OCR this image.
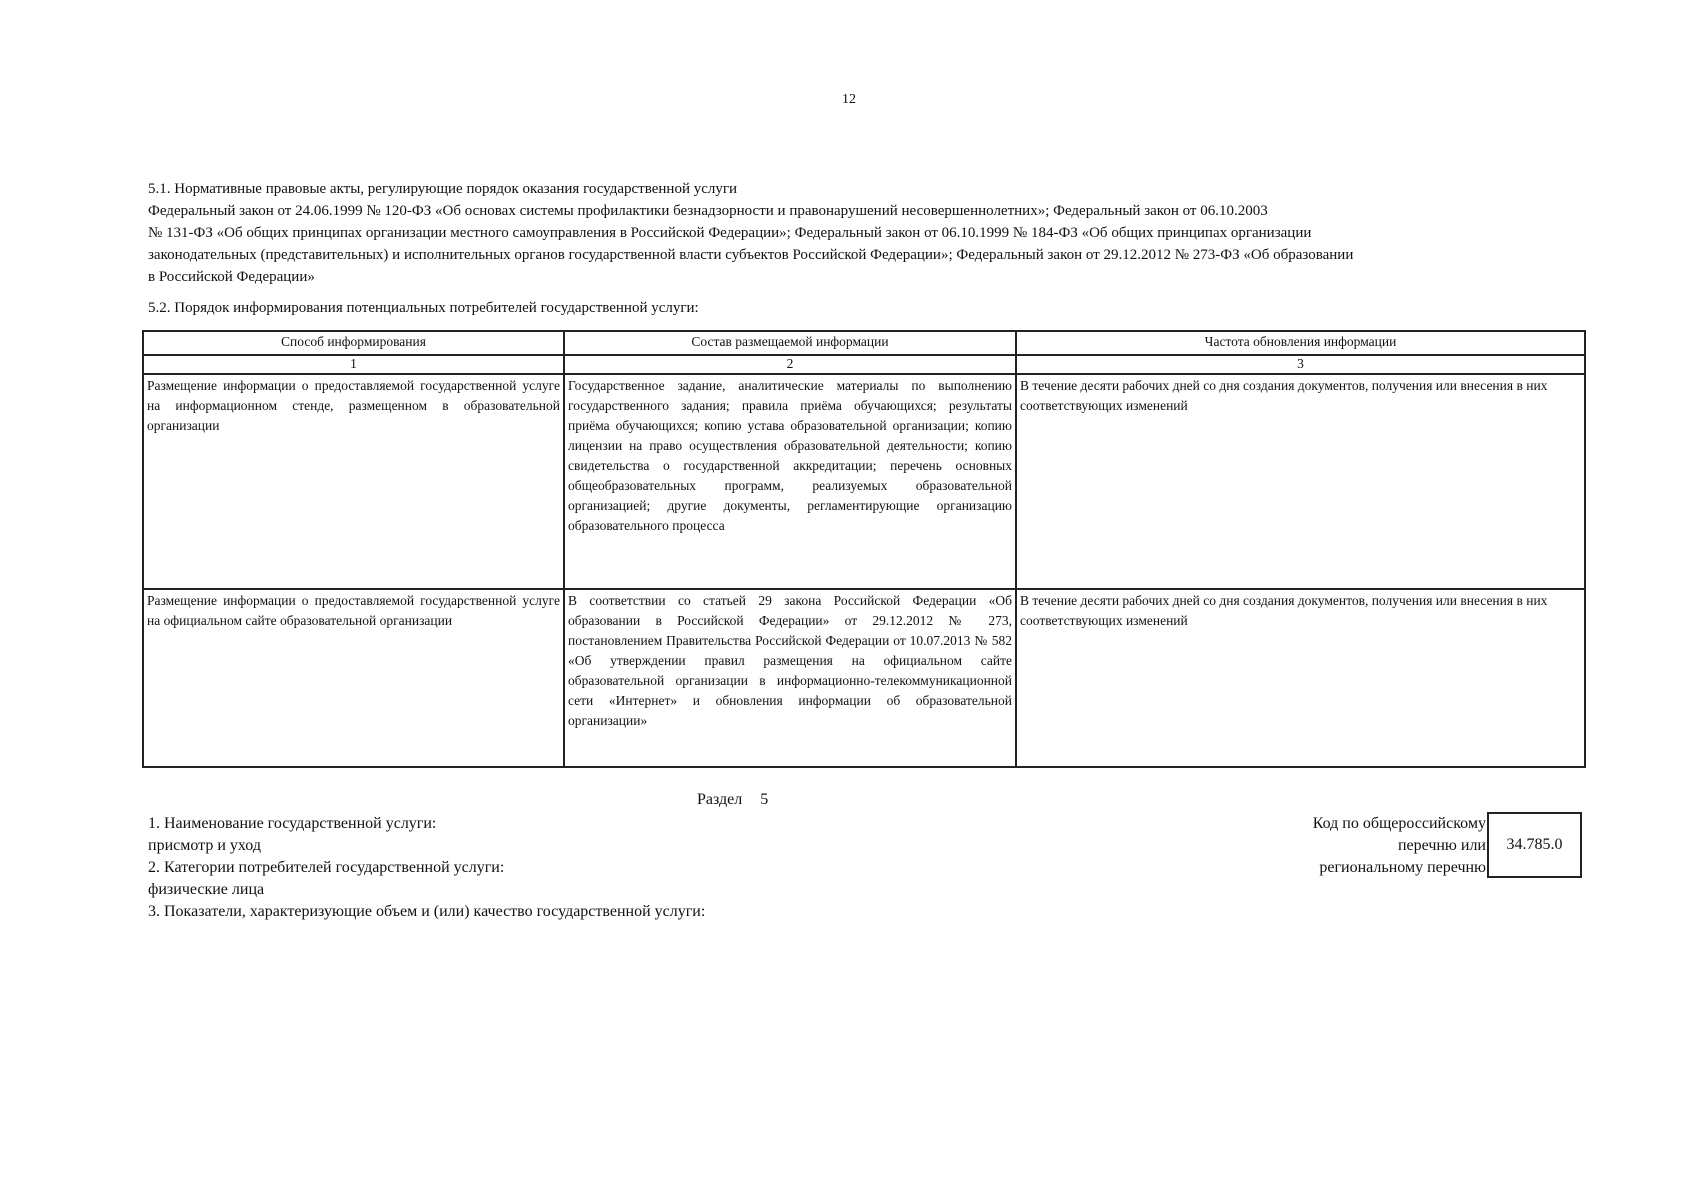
12

5.1. Нормативные правовые акты, регулирующие порядок оказания государственной услуги

Федеральный закон от 24.06.1999 № 120-ФЗ «Об основах системы профилактики безнадзорности и правонарушений несовершеннолетних»; Федеральный закон от 06.10.2003

№ 131-ФЗ «Об общих принципах организации местного самоуправления в Российской Федерации»; Федеральный закон от 06.10.1999 № 184-ФЗ «Об общих принципах организации

законодательных (представительных) и исполнительных органов государственной власти субъектов Российской Федерации»; Федеральный закон от 29.12.2012 № 273-ФЗ «Об образовании

в Российской Федерации»

5.2. Порядок информирования потенциальных потребителей государственной услуги:
Способ информирования	Состав размещаемой информации	Частота обновления информации
1	2	3
Размещение информации о предоставляемой государственной услуге на информационном стенде, размещенном в образовательной организации	Государственное задание, аналитические материалы по выполнению государственного задания; правила приёма обучающихся; результаты приёма обучающихся; копию устава образовательной организации; копию лицензии на право осуществления образовательной деятельности; копию свидетельства о государственной аккредитации; перечень основных общеобразовательных программ, реализуемых образовательной организацией; другие документы, регламентирующие организацию образовательного процесса	В течение десяти рабочих дней со дня создания документов, получения или внесения в них соответствующих изменений
Размещение информации о предоставляемой государственной услуге на официальном сайте образовательной организации	В соответствии со статьей 29 закона Российской Федерации «Об образовании в Российской Федерации» от 29.12.2012 № 273, постановлением Правительства Российской Федерации от 10.07.2013 № 582 «Об утверждении правил размещения на официальном сайте образовательной организации в информационно-телекоммуникационной сети «Интернет» и обновления информации об образовательной организации»	В течение десяти рабочих дней со дня создания документов, получения или внесения в них соответствующих изменений
Раздел 5
1. Наименование государственной услуги:
присмотр и уход
2. Категории потребителей государственной услуги:
физические лица
3. Показатели, характеризующие объем и (или) качество государственной услуги:
Код по общероссийскому
перечню или
региональному перечню
34.785.0
